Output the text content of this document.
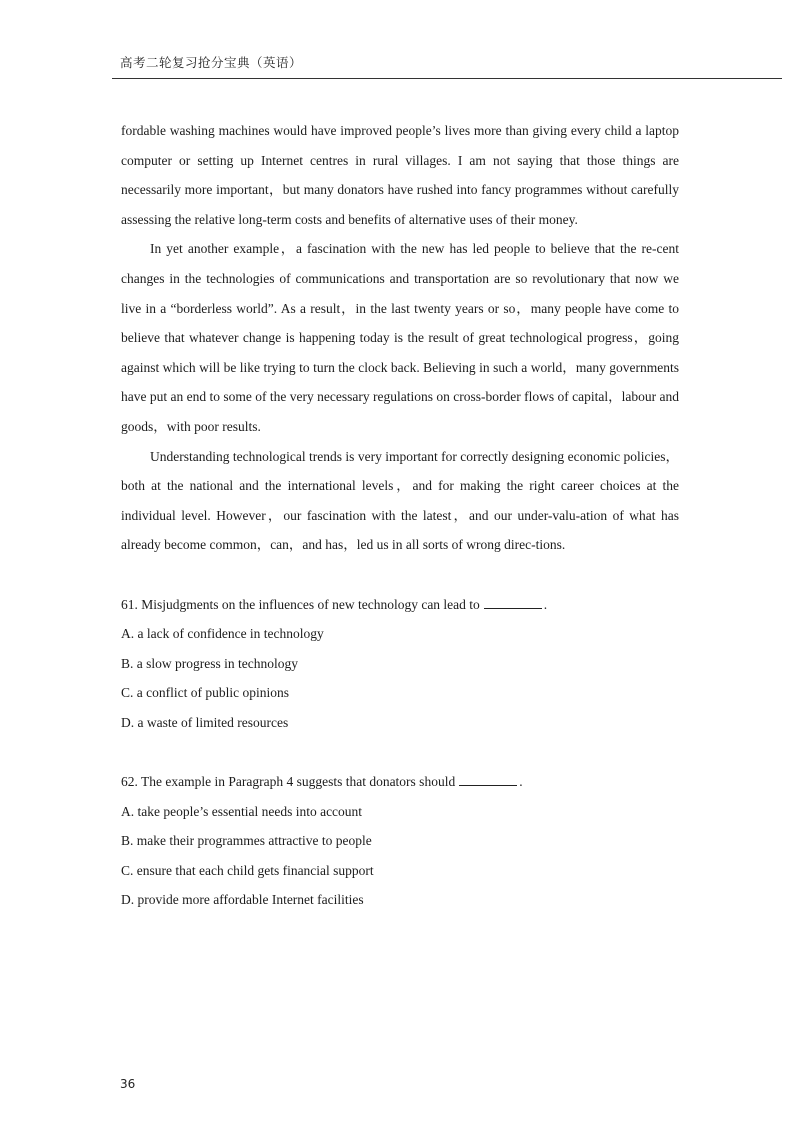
高考二轮复习抢分宝典（英语）

fordable washing machines would have improved people’s lives more than giving every child a laptop computer or setting up Internet centres in rural villages. I am not saying that those things are necessarily more important，but many donators have rushed into fancy programmes without carefully assessing the relative long-term costs and benefits of alternative uses of their money.

In yet another example，a fascination with the new has led people to believe that the re-cent changes in the technologies of communications and transportation are so revolutionary that now we live in a “borderless world”. As a result，in the last twenty years or so，many people have come to believe that whatever change is happening today is the result of great technological progress，going against which will be like trying to turn the clock back. Believing in such a world，many governments have put an end to some of the very necessary regulations on cross-border flows of capital，labour and goods，with poor results.

Understanding technological trends is very important for correctly designing economic policies，both at the national and the international levels，and for making the right career choices at the individual level. However，our fascination with the latest，and our under-valu-ation of what has already become common，can，and has，led us in all sorts of wrong direc-tions.

61. Misjudgments on the influences of new technology can lead to	.

A. a lack of confidence in technology

B. a slow progress in technology

C. a conflict of public opinions

D. a waste of limited resources

62. The example in Paragraph 4 suggests that donators should	.

A. take people’s essential needs into account

B. make their programmes attractive to people

C. ensure that each child gets financial support

D. provide more affordable Internet facilities

36
